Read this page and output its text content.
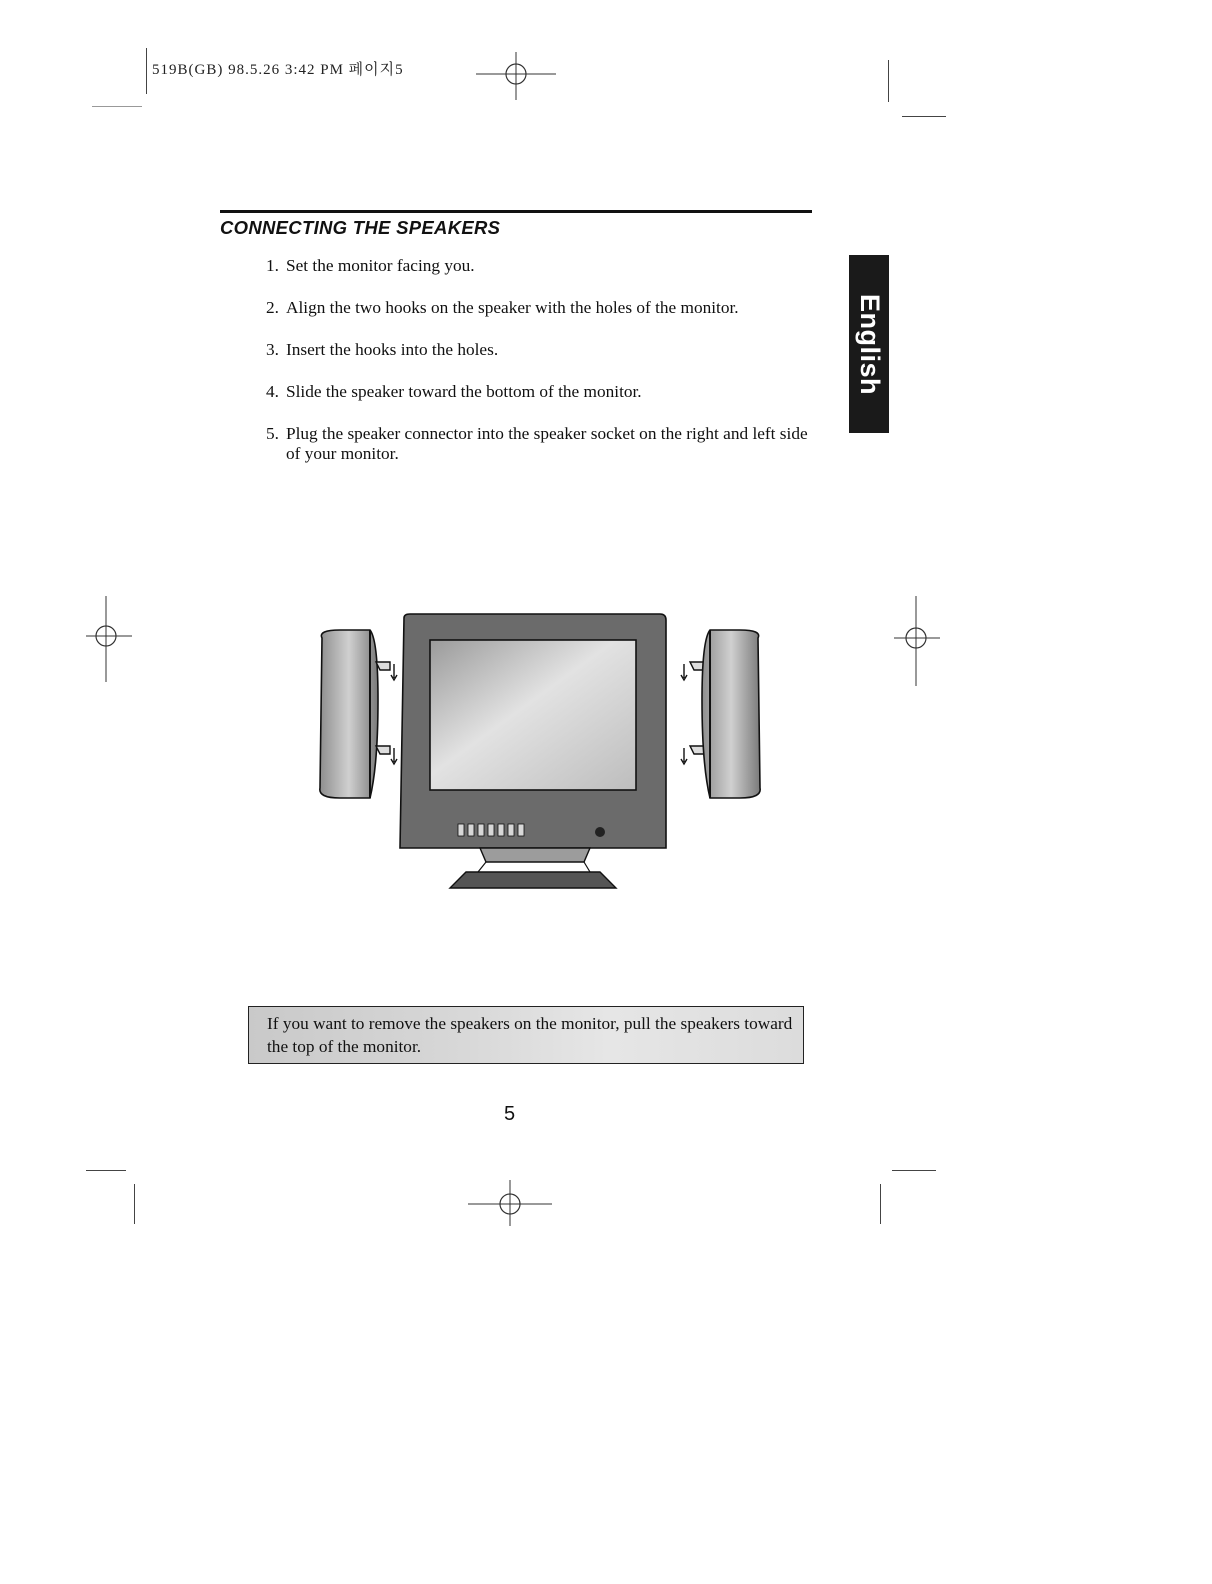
519B(GB) 98.5.26 3:42 PM 페이지5
CONNECTING THE SPEAKERS
1. Set the monitor facing you.
2. Align the two hooks on the speaker with the holes of the monitor.
3. Insert the hooks into the holes.
4. Slide the speaker toward the bottom of the monitor.
5. Plug the speaker connector into the speaker socket on the right and left side of your monitor.
English
If you want to remove the speakers on the monitor, pull the speakers toward the top of the monitor.
5
